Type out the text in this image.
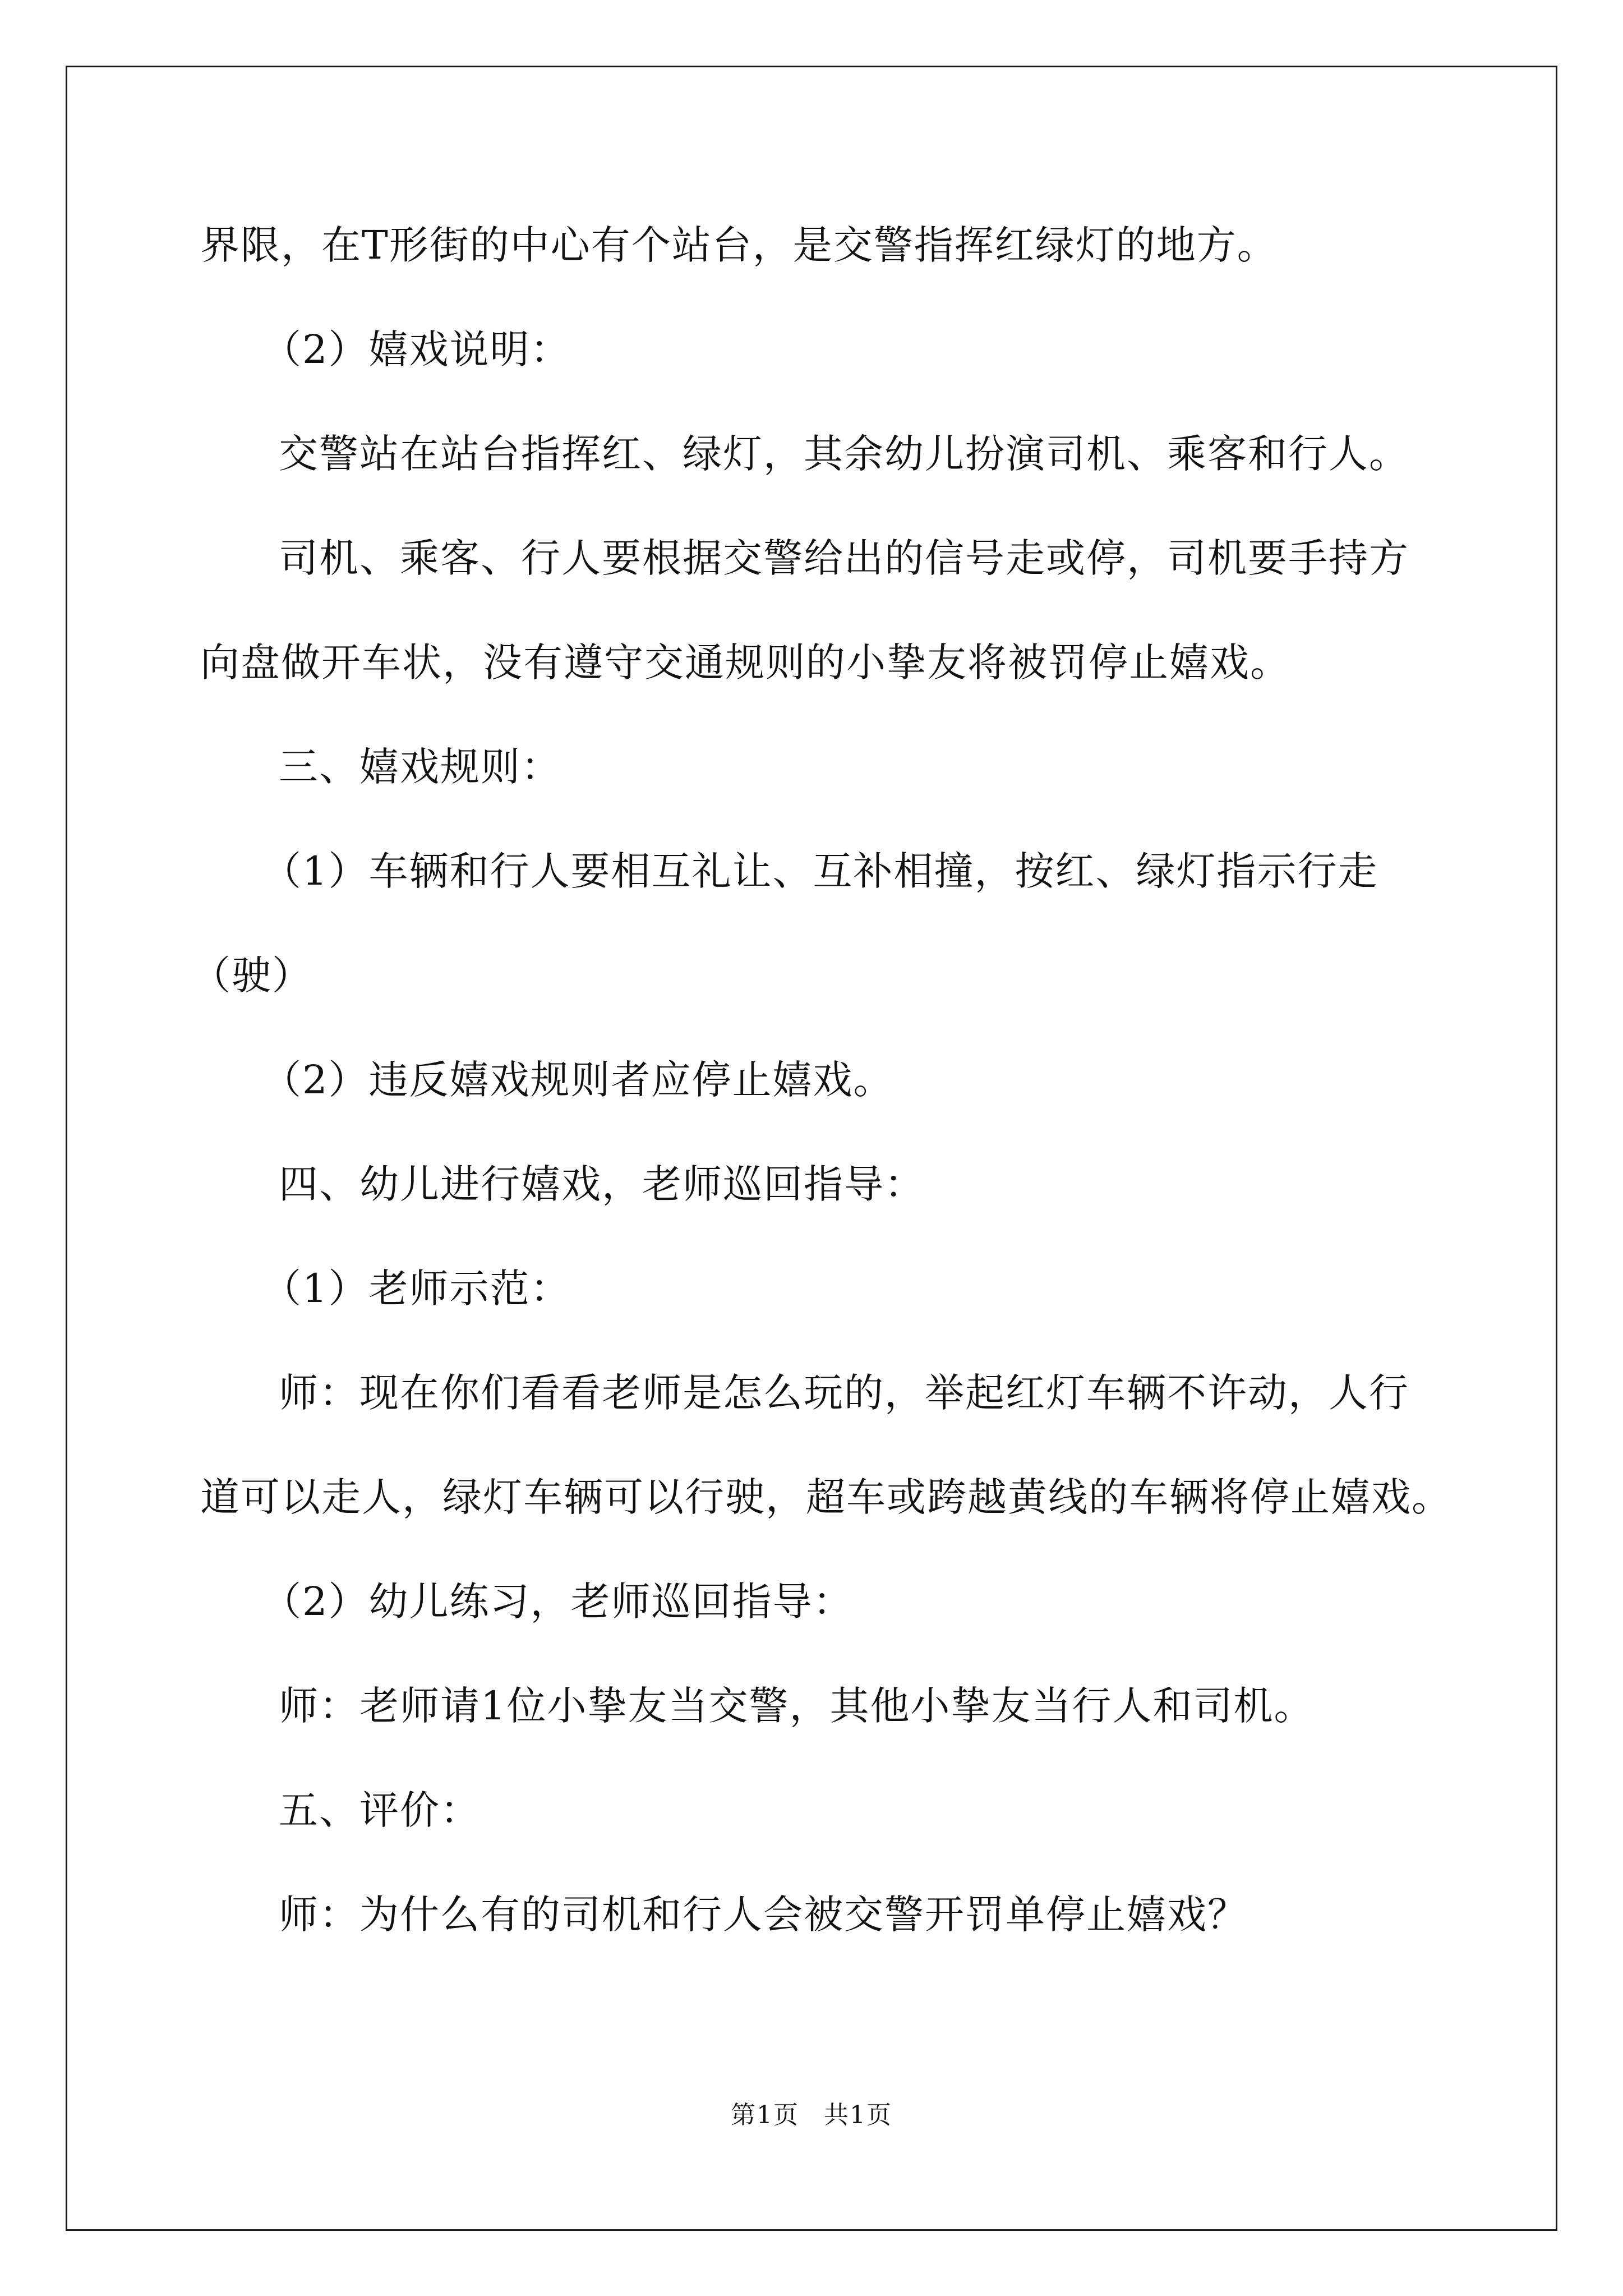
界限，在T形街的中心有个站台，是交警指挥红绿灯的地方。
（2）嬉戏说明：
交警站在站台指挥红、绿灯，其余幼儿扮演司机、乘客和行人。
司机、乘客、行人要根据交警给出的信号走或停，司机要手持方
向盘做开车状，没有遵守交通规则的小挚友将被罚停止嬉戏。
三、嬉戏规则：
（1）车辆和行人要相互礼让、互补相撞，按红、绿灯指示行走
（驶）
（2）违反嬉戏规则者应停止嬉戏。
四、幼儿进行嬉戏，老师巡回指导：
（1）老师示范：
师：现在你们看看老师是怎么玩的，举起红灯车辆不许动，人行
道可以走人，绿灯车辆可以行驶，超车或跨越黄线的车辆将停止嬉戏。
（2）幼儿练习，老师巡回指导：
师：老师请1位小挚友当交警，其他小挚友当行人和司机。
五、评价：
师：为什么有的司机和行人会被交警开罚单停止嬉戏？
第1页 共1页
